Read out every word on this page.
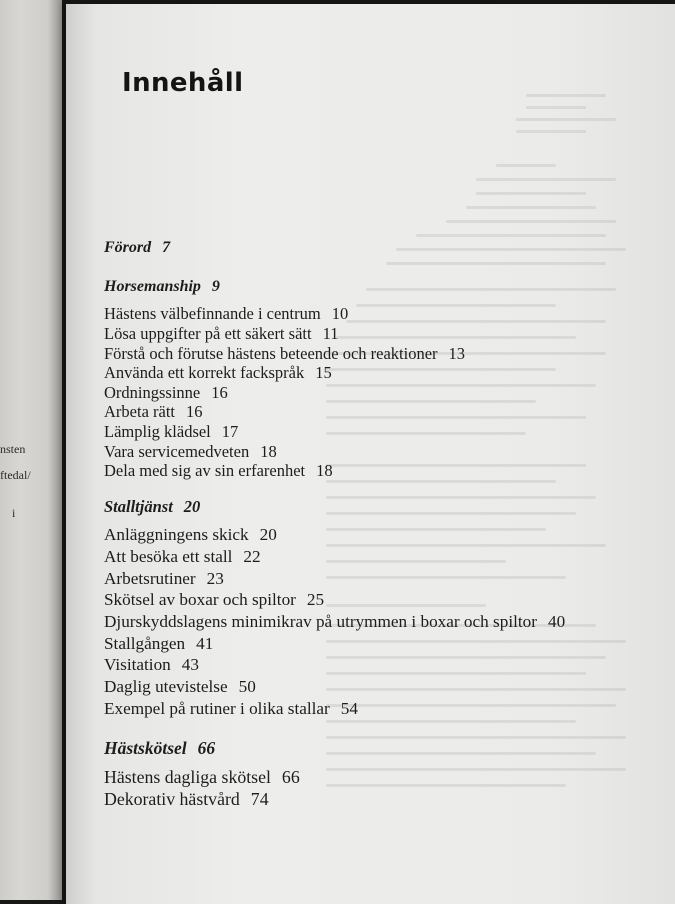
nsten
ftedal/
i
Innehåll
Förord 7
Horsemanship 9
Hästens välbefinnande i centrum 10
Lösa uppgifter på ett säkert sätt 11
Förstå och förutse hästens beteende och reaktioner 13
Använda ett korrekt fackspråk 15
Ordningssinne 16
Arbeta rätt 16
Lämplig klädsel 17
Vara servicemedveten 18
Dela med sig av sin erfarenhet 18
Stalltjänst 20
Anläggningens skick 20
Att besöka ett stall 22
Arbetsrutiner 23
Skötsel av boxar och spiltor 25
Djurskyddslagens minimikrav på utrymmen i boxar och spiltor 40
Stallgången 41
Visitation 43
Daglig utevistelse 50
Exempel på rutiner i olika stallar 54
Hästskötsel 66
Hästens dagliga skötsel 66
Dekorativ hästvård 74
